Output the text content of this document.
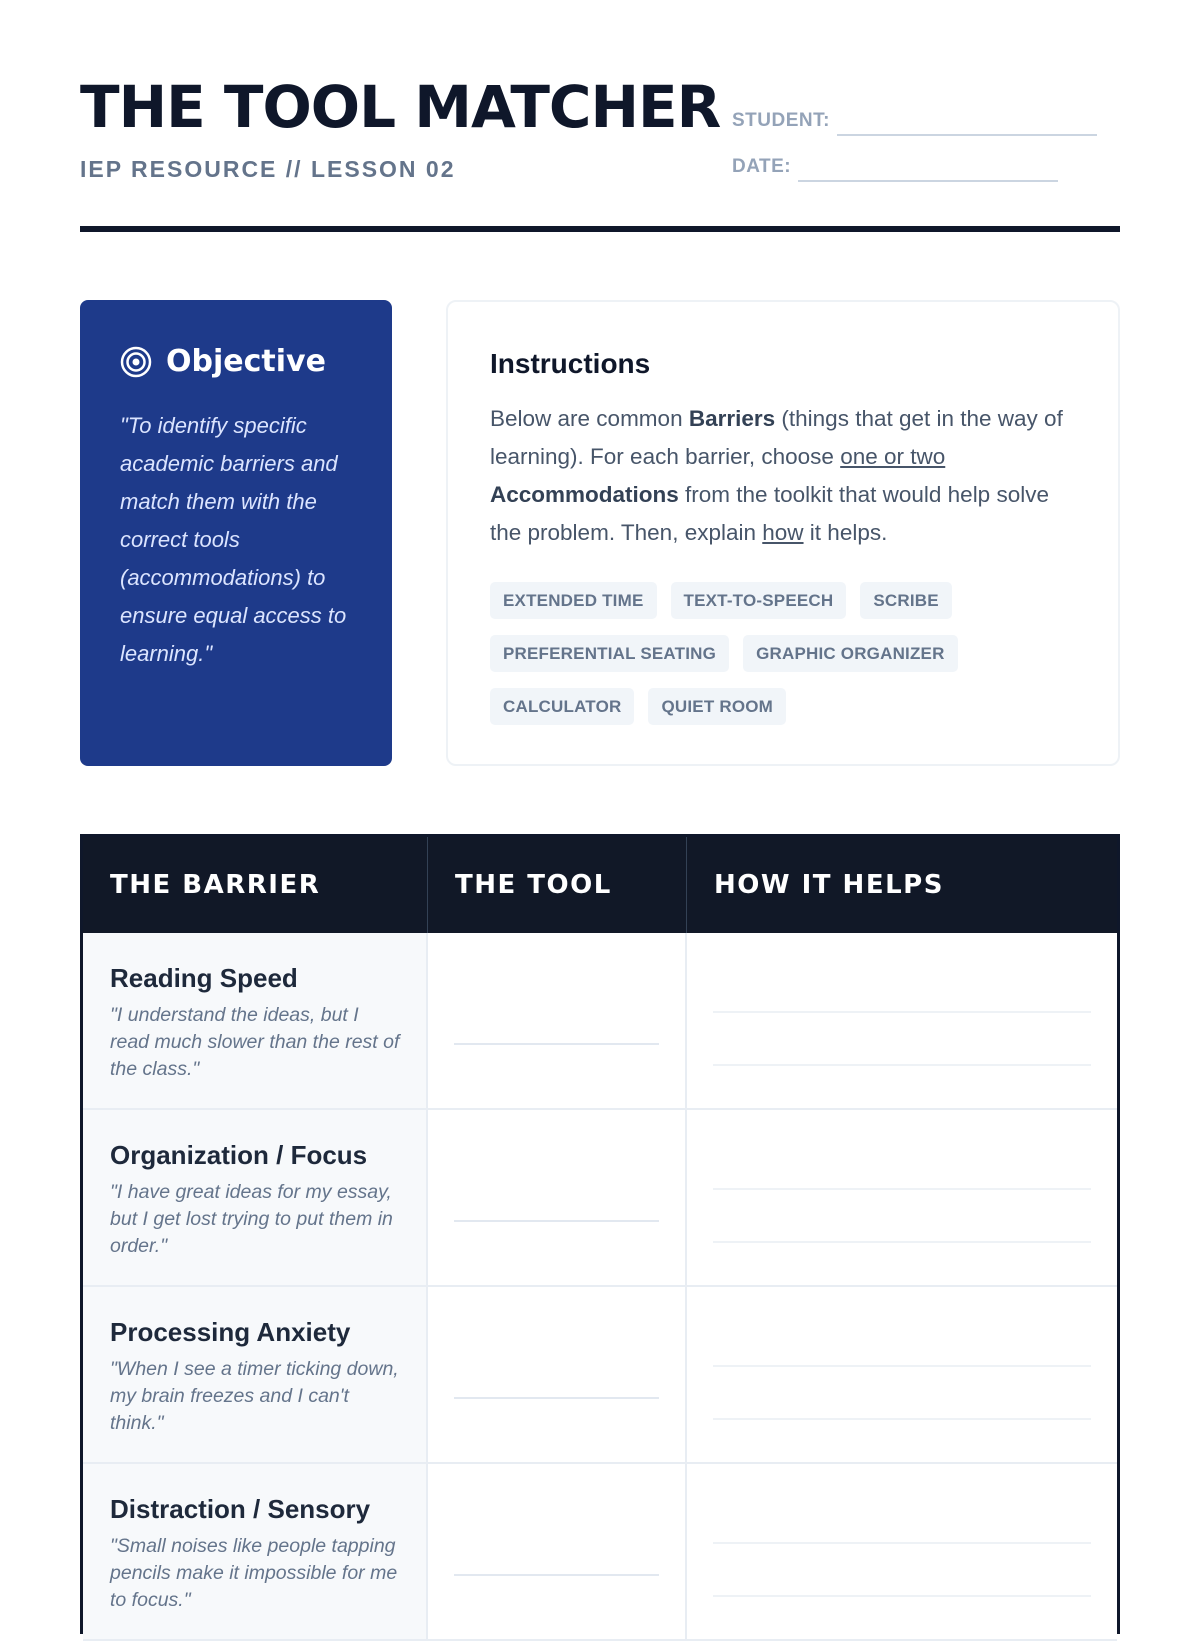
THE TOOL MATCHER
IEP RESOURCE // LESSON 02
STUDENT:
DATE:
Objective
"To identify specific academic barriers and match them with the correct tools (accommodations) to ensure equal access to learning."
Instructions
Below are common Barriers (things that get in the way of learning). For each barrier, choose one or two Accommodations from the toolkit that would help solve the problem. Then, explain how it helps.
EXTENDED TIME	TEXT-TO-SPEECH	SCRIBE
PREFERENTIAL SEATING	GRAPHIC ORGANIZER
CALCULATOR	QUIET ROOM
THE BARRIER	THE TOOL	HOW IT HELPS
Reading Speed
"I understand the ideas, but I read much slower than the rest of the class."
Organization / Focus
"I have great ideas for my essay, but I get lost trying to put them in order."
Processing Anxiety
"When I see a timer ticking down, my brain freezes and I can't think."
Distraction / Sensory
"Small noises like people tapping pencils make it impossible for me to focus."
